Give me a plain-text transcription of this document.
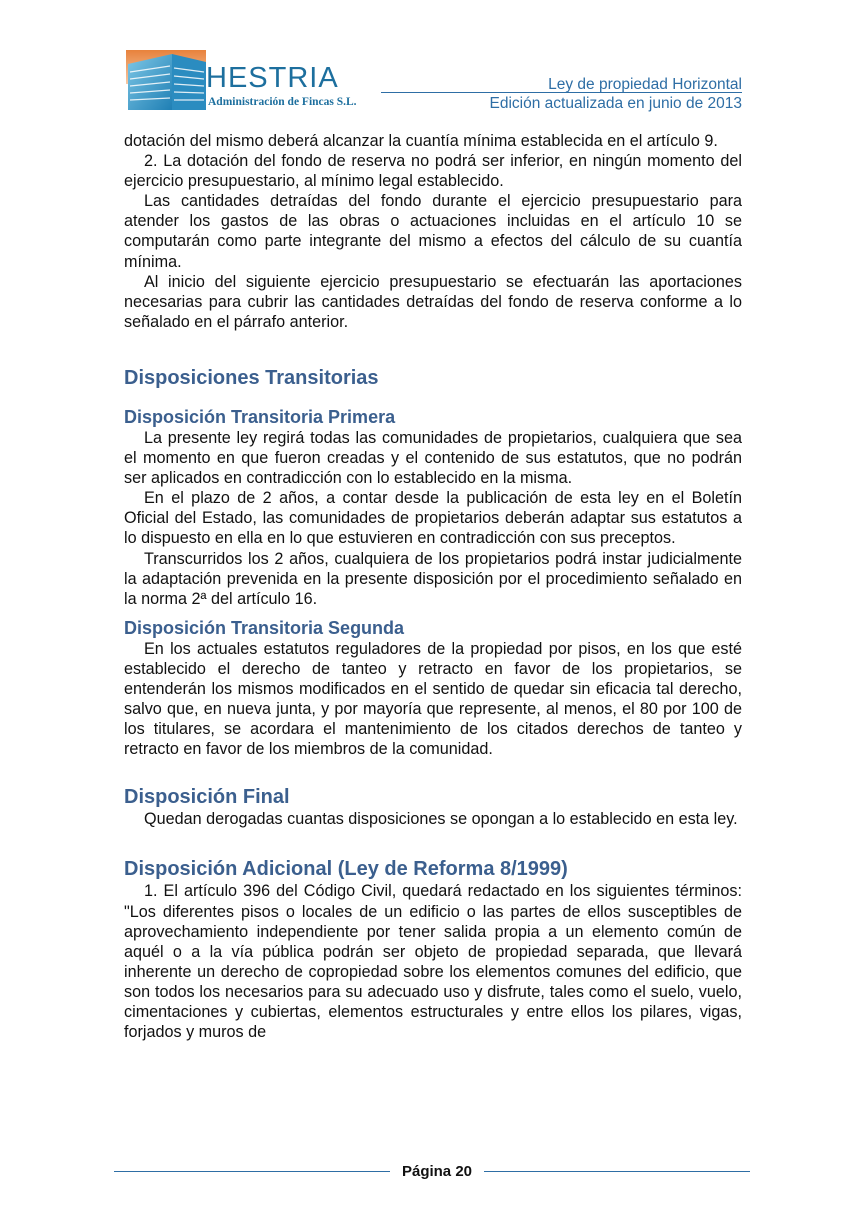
HESTRIA
Administración de Fincas S.L.
Ley de propiedad Horizontal
Edición actualizada en junio de 2013

dotación del mismo deberá alcanzar la cuantía mínima establecida en el artículo 9.

2. La dotación del fondo de reserva no podrá ser inferior, en ningún momento del ejercicio presupuestario, al mínimo legal establecido.

Las cantidades detraídas del fondo durante el ejercicio presupuestario para atender los gastos de las obras o actuaciones incluidas en el artículo 10 se computarán como parte integrante del mismo a efectos del cálculo de su cuantía mínima.

Al inicio del siguiente ejercicio presupuestario se efectuarán las aportaciones necesarias para cubrir las cantidades detraídas del fondo de reserva conforme a lo señalado en el párrafo anterior.

Disposiciones Transitorias
Disposición Transitoria Primera

La presente ley regirá todas las comunidades de propietarios, cualquiera que sea el momento en que fueron creadas y el contenido de sus estatutos, que no podrán ser aplicados en contradicción con lo establecido en la misma.

En el plazo de 2 años, a contar desde la publicación de esta ley en el Boletín Oficial del Estado, las comunidades de propietarios deberán adaptar sus estatutos a lo dispuesto en ella en lo que estuvieren en contradicción con sus preceptos.

Transcurridos los 2 años, cualquiera de los propietarios podrá instar judicialmente la adaptación prevenida en la presente disposición por el procedimiento señalado en la norma 2ª del artículo 16.

Disposición Transitoria Segunda

En los actuales estatutos reguladores de la propiedad por pisos, en los que esté establecido el derecho de tanteo y retracto en favor de los propietarios, se entenderán los mismos modificados en el sentido de quedar sin eficacia tal derecho, salvo que, en nueva junta, y por mayoría que represente, al menos, el 80 por 100 de los titulares, se acordara el mantenimiento de los citados derechos de tanteo y retracto en favor de los miembros de la comunidad.

Disposición Final

Quedan derogadas cuantas disposiciones se opongan a lo establecido en esta ley.

Disposición Adicional (Ley de Reforma 8/1999)

1. El artículo 396 del Código Civil, quedará redactado en los siguientes términos: "Los diferentes pisos o locales de un edificio o las partes de ellos susceptibles de aprovechamiento independiente por tener salida propia a un elemento común de aquél o a la vía pública podrán ser objeto de propiedad separada, que llevará inherente un derecho de copropiedad sobre los elementos comunes del edificio, que son todos los necesarios para su adecuado uso y disfrute, tales como el suelo, vuelo, cimentaciones y cubiertas, elementos estructurales y entre ellos los pilares, vigas, forjados y muros de

Página 20
